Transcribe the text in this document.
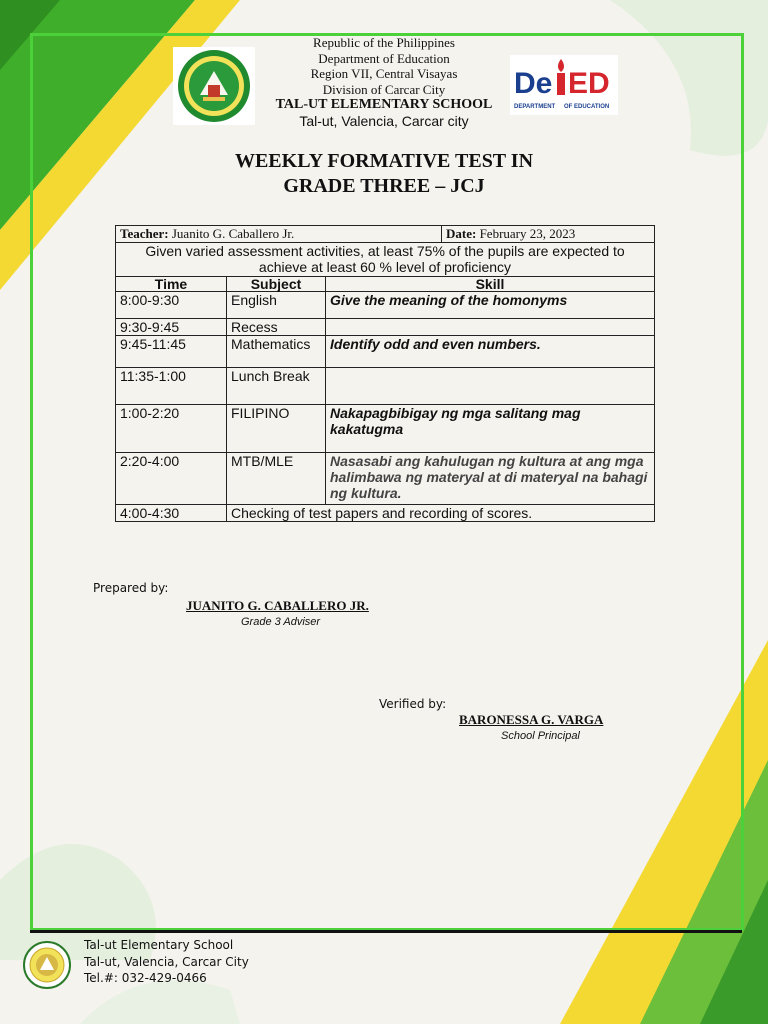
De ED
DEPARTMENT OF EDUCATION
Republic of the Philippines
Department of Education
Region VII, Central Visayas
Division of Carcar City
TAL-UT ELEMENTARY SCHOOL
Tal-ut, Valencia, Carcar city
WEEKLY FORMATIVE TEST IN
GRADE THREE – JCJ
Teacher: Juanito G. Caballero Jr.			Date: February 23, 2023
Given varied assessment activities, at least 75% of the pupils are expected to achieve at least 60 % level of proficiency			
Time	Subject	Skill	
8:00-9:30	English	Give the meaning of the homonyms	
9:30-9:45	Recess		
9:45-11:45	Mathematics	Identify odd and even numbers.	
11:35-1:00	Lunch Break		
1:00-2:20	FILIPINO	Nakapagbibigay ng mga salitang mag kakatugma	
2:20-4:00	MTB/MLE	Nasasabi ang kahulugan ng kultura at ang mga halimbawa ng materyal at di materyal na bahagi ng kultura.	
4:00-4:30	Checking of test papers and recording of scores.		
Prepared by:
JUANITO G. CABALLERO JR.
Grade 3 Adviser
Verified by:
BARONESSA G. VARGA
School Principal
Tal-ut Elementary School
Tal-ut, Valencia, Carcar City
Tel.#: 032-429-0466
